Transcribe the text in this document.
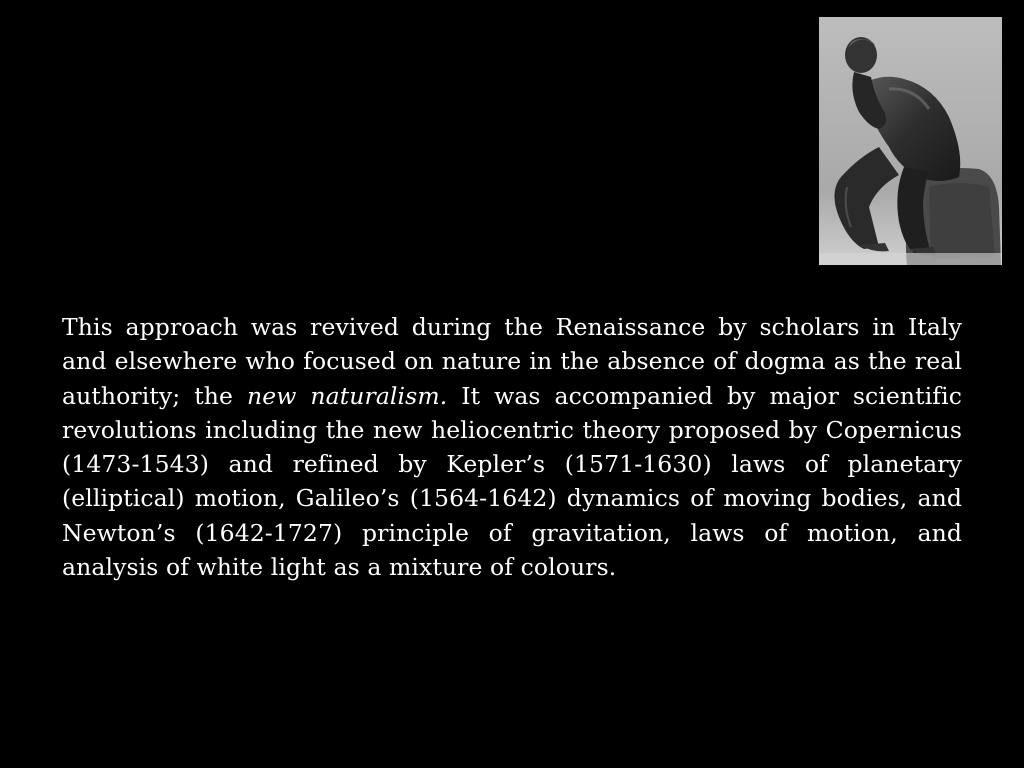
This approach was revived during the Renaissance by scholars in Italy and elsewhere who focused on nature in the absence of dogma as the real authority; the new naturalism. It was accompanied by major scientific revolutions including the new heliocentric theory proposed by Copernicus (1473-1543) and refined by Kepler’s (1571-1630) laws of planetary (elliptical) motion, Galileo’s (1564-1642) dynamics of moving bodies, and Newton’s (1642-1727) principle of gravitation, laws of motion, and analysis of white light as a mixture of colours.
